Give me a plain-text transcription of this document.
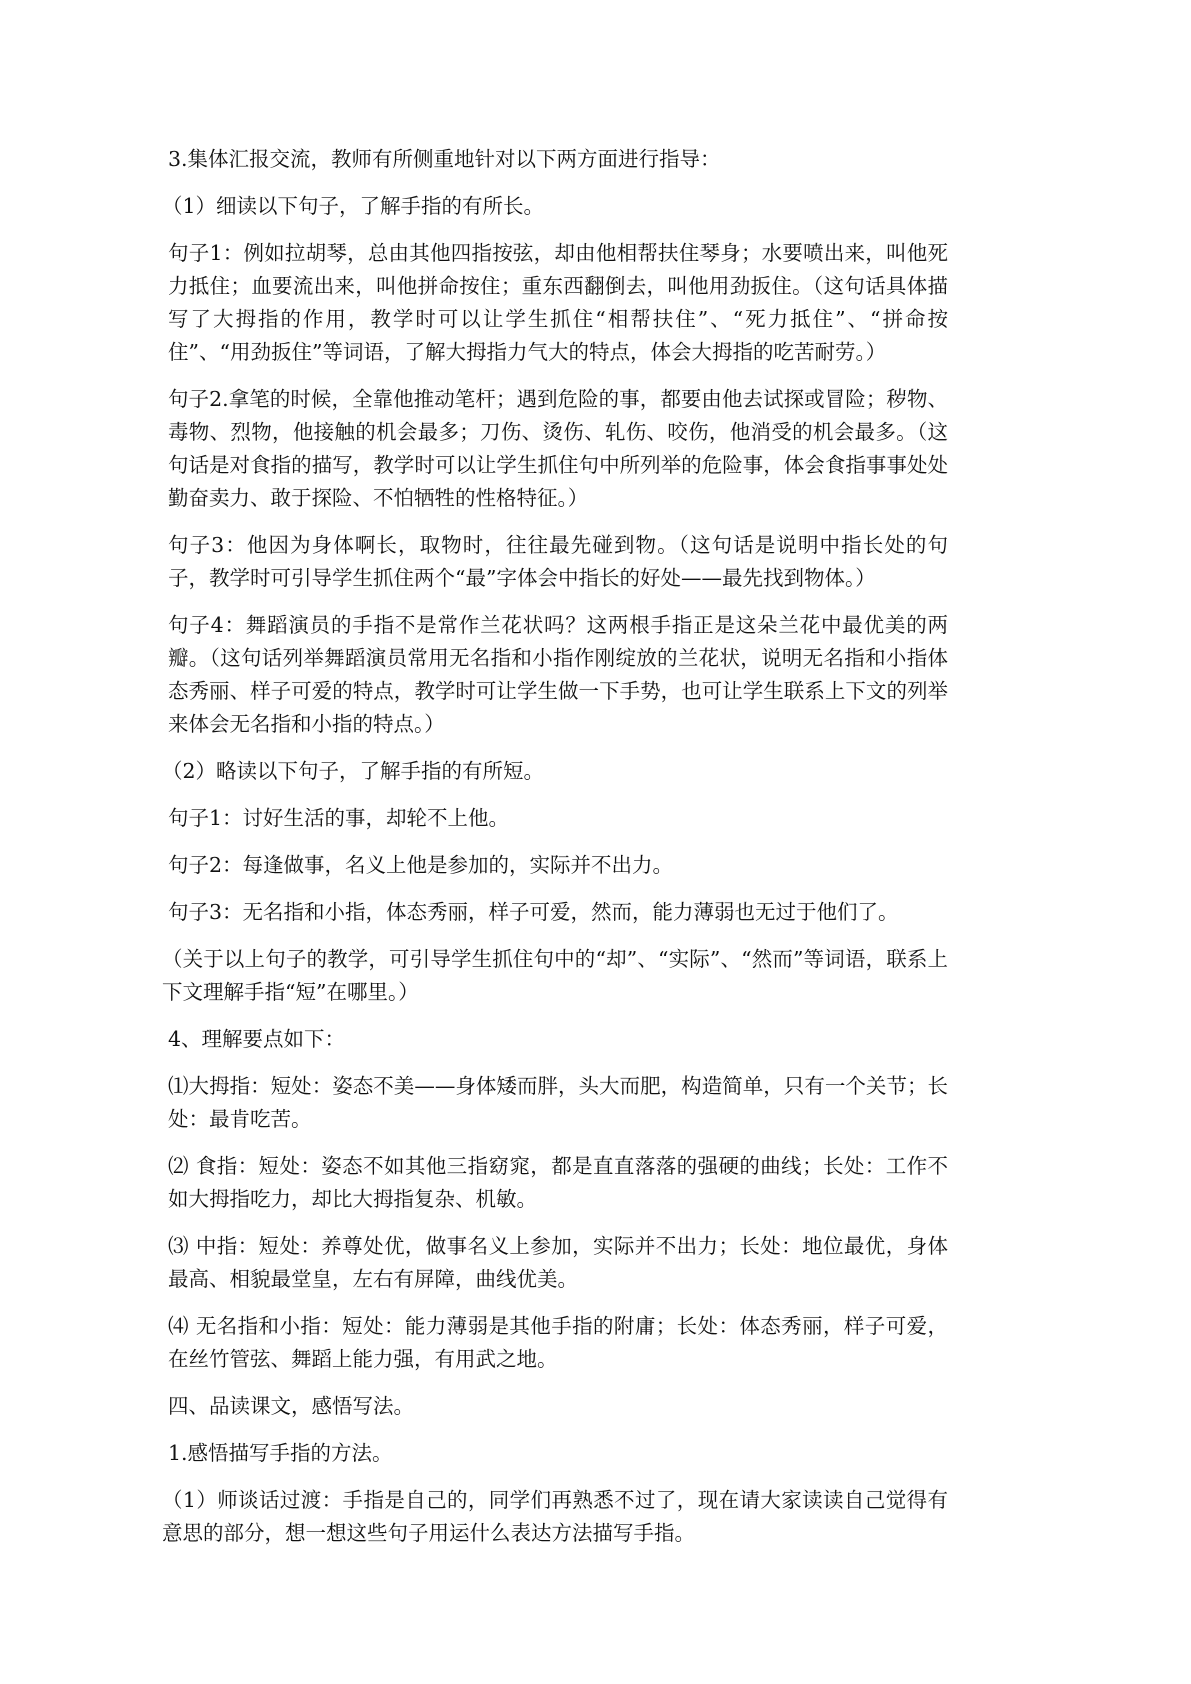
3.集体汇报交流，教师有所侧重地针对以下两方面进行指导：

（1）细读以下句子，了解手指的有所长。

句子1：例如拉胡琴，总由其他四指按弦，却由他相帮扶住琴身；水要喷出来，叫他死力抵住；血要流出来，叫他拼命按住；重东西翻倒去，叫他用劲扳住。（这句话具体描写了大拇指的作用，教学时可以让学生抓住“相帮扶住”、“死力抵住”、“拼命按住”、“用劲扳住”等词语，了解大拇指力气大的特点，体会大拇指的吃苦耐劳。）

句子2.拿笔的时候，全靠他推动笔杆；遇到危险的事，都要由他去试探或冒险；秽物、毒物、烈物，他接触的机会最多；刀伤、烫伤、轧伤、咬伤，他消受的机会最多。（这句话是对食指的描写，教学时可以让学生抓住句中所列举的危险事，体会食指事事处处勤奋卖力、敢于探险、不怕牺牲的性格特征。）

句子3：他因为身体啊长，取物时，往往最先碰到物。（这句话是说明中指长处的句子，教学时可引导学生抓住两个“最”字体会中指长的好处——最先找到物体。）

句子4：舞蹈演员的手指不是常作兰花状吗？这两根手指正是这朵兰花中最优美的两瓣。（这句话列举舞蹈演员常用无名指和小指作刚绽放的兰花状，说明无名指和小指体态秀丽、样子可爱的特点，教学时可让学生做一下手势，也可让学生联系上下文的列举来体会无名指和小指的特点。）

（2）略读以下句子，了解手指的有所短。

句子1：讨好生活的事，却轮不上他。

句子2：每逢做事，名义上他是参加的，实际并不出力。

句子3：无名指和小指，体态秀丽，样子可爱，然而，能力薄弱也无过于他们了。

（关于以上句子的教学，可引导学生抓住句中的“却”、“实际”、“然而”等词语，联系上下文理解手指“短”在哪里。）

4、理解要点如下：

⑴大拇指：短处：姿态不美——身体矮而胖，头大而肥，构造简单，只有一个关节；长处：最肯吃苦。

⑵ 食指：短处：姿态不如其他三指窈窕，都是直直落落的强硬的曲线；长处：工作不如大拇指吃力，却比大拇指复杂、机敏。

⑶ 中指：短处：养尊处优，做事名义上参加，实际并不出力；长处：地位最优，身体最高、相貌最堂皇，左右有屏障，曲线优美。

⑷ 无名指和小指：短处：能力薄弱是其他手指的附庸；长处：体态秀丽，样子可爱，在丝竹管弦、舞蹈上能力强，有用武之地。

四、品读课文，感悟写法。

1.感悟描写手指的方法。

（1）师谈话过渡：手指是自己的，同学们再熟悉不过了，现在请大家读读自己觉得有意思的部分，想一想这些句子用运什么表达方法描写手指。
